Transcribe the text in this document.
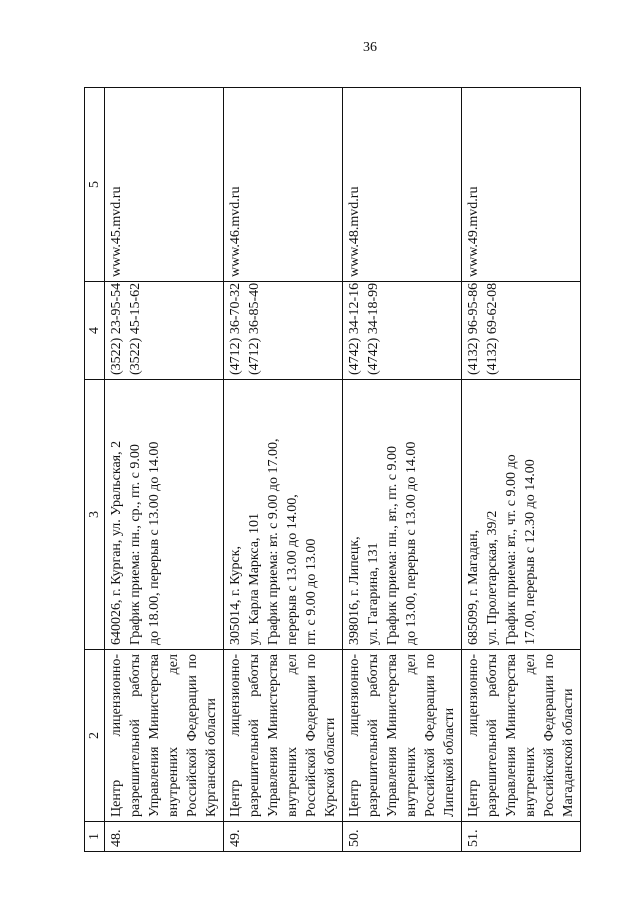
36
1	2	3	4	5
48.	Центр лицензионно-разрешительной работы Управления Министерства внутренних дел Российской Федерации по Курганской области	640026, г. Курган, ул. Уральская, 2 График приема: пн., ср., пт. с 9.00 до 18.00, перерыв с 13.00 до 14.00	(3522) 23-95-54 (3522) 45-15-62	www.45.mvd.ru

49.	Центр лицензионно-разрешительной работы Управления Министерства внутренних дел Российской Федерации по Курской области	305014, г. Курск, ул. Карла Маркса, 101 График приема: вт. с 9.00 до 17.00, перерыв с 13.00 до 14.00, пт. с 9.00 до 13.00	(4712) 36-70-32 (4712) 36-85-40	www.46.mvd.ru

50.	Центр лицензионно-разрешительной работы Управления Министерства внутренних дел Российской Федерации по Липецкой области	398016, г. Липецк, ул. Гагарина, 131 График приема: пн., вт., пт. с 9.00 до 13.00, перерыв с 13.00 до 14.00	(4742) 34-12-16 (4742) 34-18-99	www.48.mvd.ru

51.	Центр лицензионно-разрешительной работы Управления Министерства внутренних дел Российской Федерации по Магаданской области	685099, г. Магадан, ул. Пролетарская, 39/2 График приема: вт., чт. с 9.00 до 17.00, перерыв с 12.30 до 14.00	(4132) 96-95-86 (4132) 69-62-08	www.49.mvd.ru
